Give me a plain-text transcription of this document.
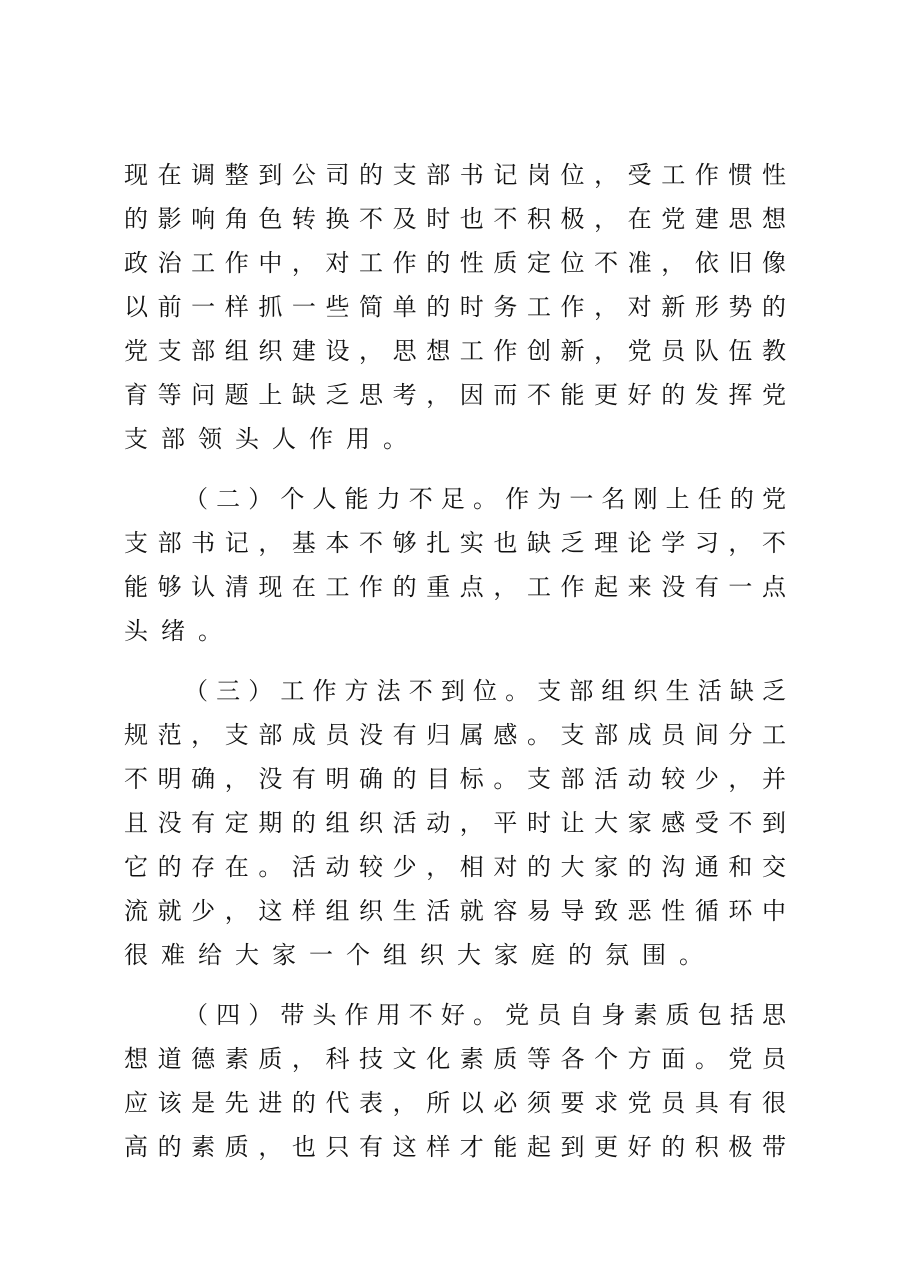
现 在 调 整 到 公 司 的 支 部 书 记 岗 位 ， 受 工 作 惯 性
的 影 响 角 色 转 换 不 及 时 也 不 积 极 ， 在 党 建 思 想
政 治 工 作 中 ， 对 工 作 的 性 质 定 位 不 准 ， 依 旧 像
以 前 一 样 抓 一 些 简 单 的 时 务 工 作 ， 对 新 形 势 的
党 支 部 组 织 建 设 ， 思 想 工 作 创 新 ， 党 员 队 伍 教
育 等 问 题 上 缺 乏 思 考 ， 因 而 不 能 更 好 的 发 挥 党
支 部 领 头 人 作 用 。
（ 二 ） 个 人 能 力 不 足 。 作 为 一 名 刚 上 任 的 党
支 部 书 记 ， 基 本 不 够 扎 实 也 缺 乏 理 论 学 习 ， 不
能 够 认 清 现 在 工 作 的 重 点 ， 工 作 起 来 没 有 一 点
头 绪 。
（ 三 ） 工 作 方 法 不 到 位 。 支 部 组 织 生 活 缺 乏
规 范 ， 支 部 成 员 没 有 归 属 感 。 支 部 成 员 间 分 工
不 明 确 ， 没 有 明 确 的 目 标 。 支 部 活 动 较 少 ， 并
且 没 有 定 期 的 组 织 活 动 ， 平 时 让 大 家 感 受 不 到
它 的 存 在 。 活 动 较 少 ， 相 对 的 大 家 的 沟 通 和 交
流 就 少 ， 这 样 组 织 生 活 就 容 易 导 致 恶 性 循 环 中
很 难 给 大 家 一 个 组 织 大 家 庭 的 氛 围 。
（ 四 ） 带 头 作 用 不 好 。 党 员 自 身 素 质 包 括 思
想 道 德 素 质 ， 科 技 文 化 素 质 等 各 个 方 面 。 党 员
应 该 是 先 进 的 代 表 ， 所 以 必 须 要 求 党 员 具 有 很
高 的 素 质 ， 也 只 有 这 样 才 能 起 到 更 好 的 积 极 带
